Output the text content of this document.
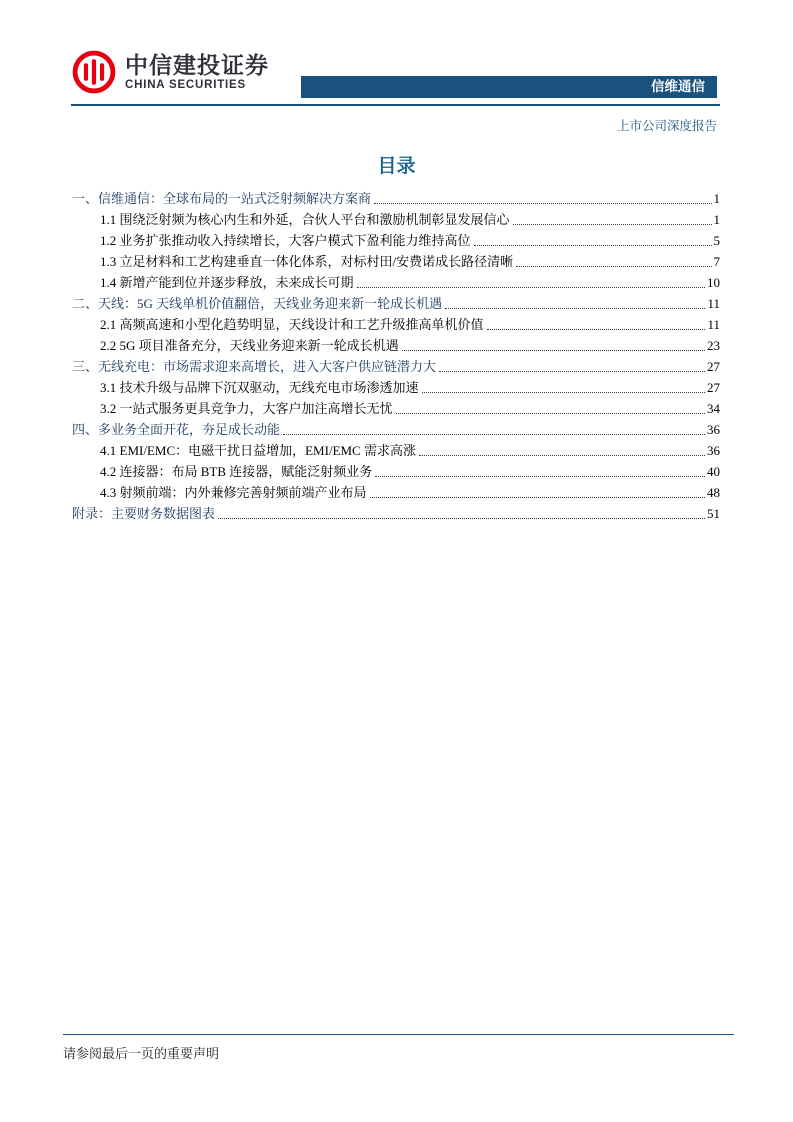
中信建投证券
CHINA SECURITIES	信维通信
上市公司深度报告
目录
一、信维通信：全球布局的一站式泛射频解决方案商	1
1.1 围绕泛射频为核心内生和外延，合伙人平台和激励机制彰显发展信心	1
1.2 业务扩张推动收入持续增长，大客户模式下盈利能力维持高位	5
1.3 立足材料和工艺构建垂直一体化体系，对标村田/安费诺成长路径清晰	7
1.4 新增产能到位并逐步释放，未来成长可期	10
二、天线：5G 天线单机价值翻倍，天线业务迎来新一轮成长机遇	11
2.1 高频高速和小型化趋势明显，天线设计和工艺升级推高单机价值	11
2.2 5G 项目准备充分，天线业务迎来新一轮成长机遇	23
三、无线充电：市场需求迎来高增长，进入大客户供应链潜力大	27
3.1 技术升级与品牌下沉双驱动，无线充电市场渗透加速	27
3.2 一站式服务更具竞争力，大客户加注高增长无忧	34
四、多业务全面开花，夯足成长动能	36
4.1 EMI/EMC：电磁干扰日益增加，EMI/EMC 需求高涨	36
4.2 连接器：布局 BTB 连接器，赋能泛射频业务	40
4.3 射频前端：内外兼修完善射频前端产业布局	48
附录：主要财务数据图表	51
请参阅最后一页的重要声明
